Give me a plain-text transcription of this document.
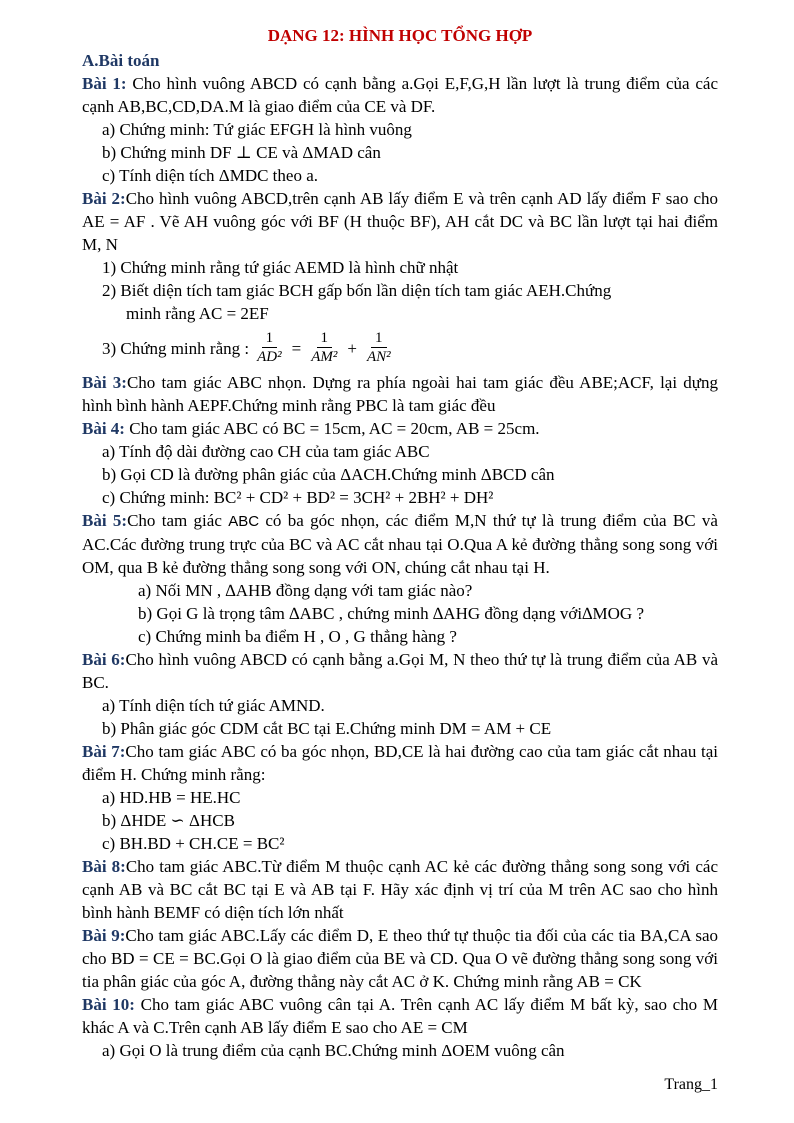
DẠNG 12: HÌNH HỌC TỔNG HỢP
A.Bài toán

Bài 1: Cho hình vuông ABCD có cạnh bằng a.Gọi E,F,G,H lần lượt là trung điểm của các cạnh AB,BC,CD,DA.M là giao điểm của CE và DF.

a) Chứng minh: Tứ giác EFGH là hình vuông
b) Chứng minh DF ⊥ CE và ΔMAD cân
c) Tính diện tích ΔMDC theo a.

Bài 2:Cho hình vuông ABCD,trên cạnh AB lấy điểm E và trên cạnh AD lấy điểm F sao cho AE = AF . Vẽ AH vuông góc với BF (H thuộc BF), AH cắt DC và BC lần lượt tại hai điểm M, N

1) Chứng minh rằng tứ giác AEMD là hình chữ nhật
2) Biết diện tích tam giác BCH gấp bốn lần diện tích tam giác AEH.Chứng
minh rằng AC = 2EF
3) Chứng minh rằng : $\frac{1}{\text{AD²}} = \frac{1}{\text{AM²}} + \frac{1}{\text{AN²}}$

Bài 3:Cho tam giác ABC nhọn. Dựng ra phía ngoài hai tam giác đều ABE;ACF, lại dựng hình bình hành AEPF.Chứng minh rằng PBC là tam giác đều

Bài 4: Cho tam giác ABC có BC = 15cm, AC = 20cm, AB = 25cm.

a) Tính độ dài đường cao CH của tam giác ABC
b) Gọi CD là đường phân giác của ΔACH.Chứng minh ΔBCD cân
c) Chứng minh: BC² + CD² + BD² = 3CH² + 2BH² + DH²

Bài 5:Cho tam giác ABC có ba góc nhọn, các điểm M,N thứ tự là trung điểm của BC và AC.Các đường trung trực của BC và AC cắt nhau tại O.Qua A kẻ đường thẳng song song với OM, qua B kẻ đường thẳng song song với ON, chúng cắt nhau tại H.

a) Nối MN , ∆AHB đồng dạng với tam giác nào?
b) Gọi G là trọng tâm ∆ABC , chứng minh ∆AHG đồng dạng với∆MOG ?
c) Chứng minh ba điểm H , O , G thẳng hàng ?

Bài 6:Cho hình vuông ABCD có cạnh bằng a.Gọi M, N theo thứ tự là trung điểm của AB và BC.

a) Tính diện tích tứ giác AMND.
b) Phân giác góc CDM cắt BC tại E.Chứng minh DM = AM + CE

Bài 7:Cho tam giác ABC có ba góc nhọn, BD,CE là hai đường cao của tam giác cắt nhau tại điểm H. Chứng minh rằng:

a) HD.HB = HE.HC
b) ΔHDE ∽ ΔHCB
c) BH.BD + CH.CE = BC²

Bài 8:Cho tam giác ABC.Từ điểm M thuộc cạnh AC kẻ các đường thẳng song song với các cạnh AB và BC cắt BC tại E và AB tại F. Hãy xác định vị trí của M trên AC sao cho hình bình hành BEMF có diện tích lớn nhất

Bài 9:Cho tam giác ABC.Lấy các điểm D, E theo thứ tự thuộc tia đối của các tia BA,CA sao cho BD = CE = BC.Gọi O là giao điểm của BE và CD. Qua O vẽ đường thẳng song song với tia phân giác của góc A, đường thẳng này cắt AC ở K. Chứng minh rằng AB = CK

Bài 10: Cho tam giác ABC vuông cân tại A. Trên cạnh AC lấy điểm M bất kỳ, sao cho M khác A và C.Trên cạnh AB lấy điểm E sao cho AE = CM

a) Gọi O là trung điểm của cạnh BC.Chứng minh ΔOEM vuông cân
Trang_1
